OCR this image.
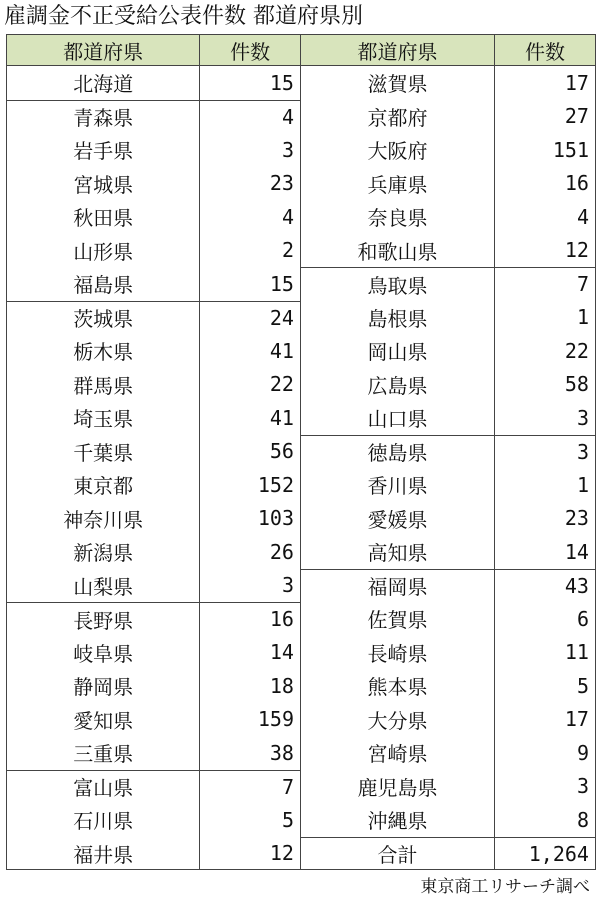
雇調金不正受給公表件数 都道府県別
都道府県	件数
北海道	15
青森県	4
岩手県	3
宮城県	23
秋田県	4
山形県	2
福島県	15
茨城県	24
栃木県	41
群馬県	22
埼玉県	41
千葉県	56
東京都	152
神奈川県	103
新潟県	26
山梨県	3
長野県	16
岐阜県	14
静岡県	18
愛知県	159
三重県	38
富山県	7
石川県	5
福井県	12
都道府県	件数
滋賀県	17
京都府	27
大阪府	151
兵庫県	16
奈良県	4
和歌山県	12
鳥取県	7
島根県	1
岡山県	22
広島県	58
山口県	3
徳島県	3
香川県	1
愛媛県	23
高知県	14
福岡県	43
佐賀県	6
長崎県	11
熊本県	5
大分県	17
宮崎県	9
鹿児島県	3
沖縄県	8
合計	1,264
東京商工リサーチ調べ
